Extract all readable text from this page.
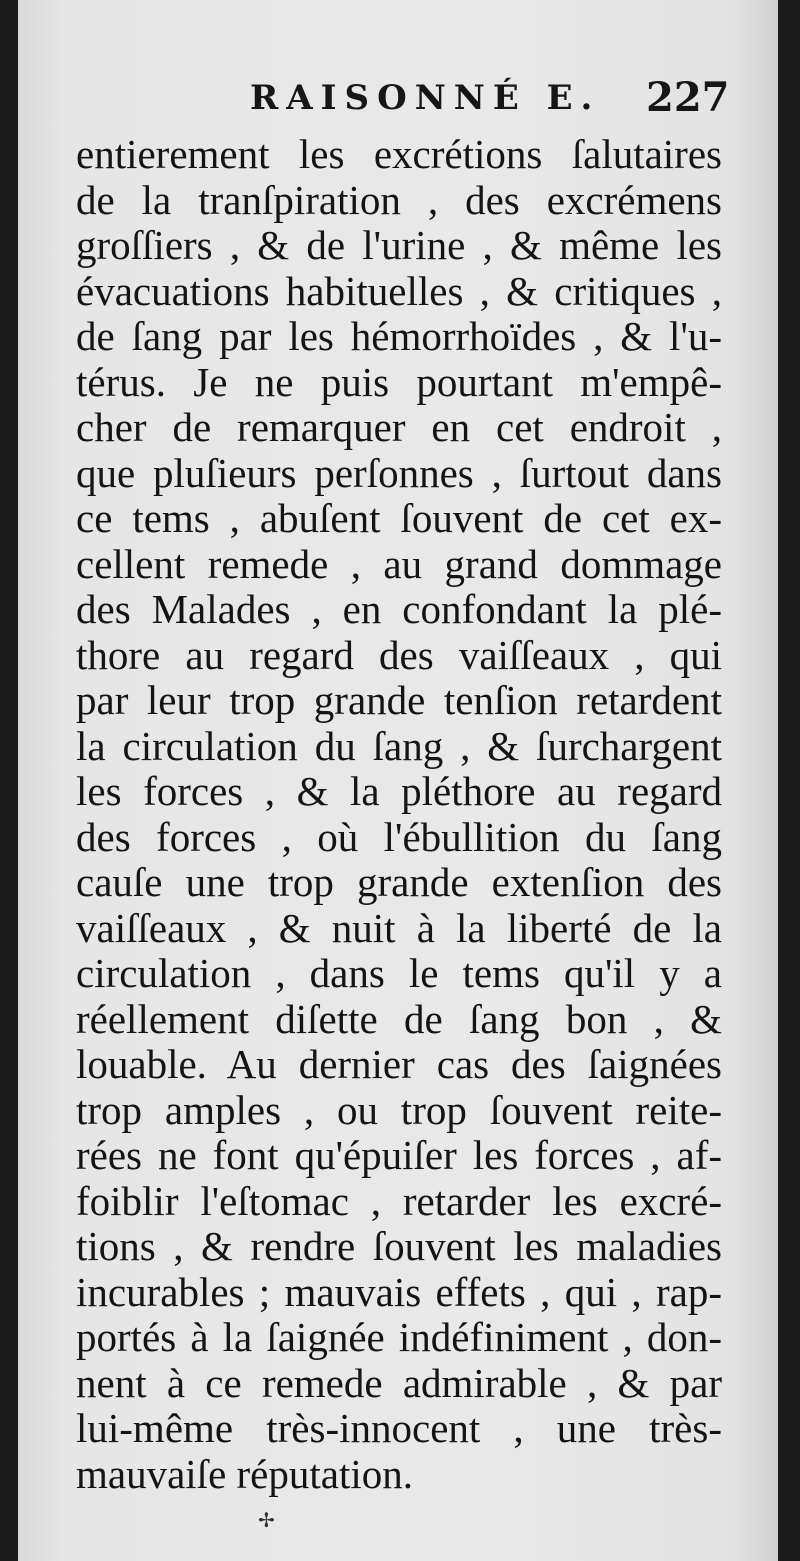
RAISONNÉ E. 227
entierement les excrétions ſalutaires
de la tranſpiration , des excrémens
groſſiers , & de l'urine , & même les
évacuations habituelles , & critiques ,
de ſang par les hémorrhoïdes , & l'u-
térus. Je ne puis pourtant m'empê-
cher de remarquer en cet endroit ,
que pluſieurs perſonnes , ſurtout dans
ce tems , abuſent ſouvent de cet ex-
cellent remede , au grand dommage
des Malades , en confondant la plé-
thore au regard des vaiſſeaux , qui
par leur trop grande tenſion retardent
la circulation du ſang , & ſurchargent
les forces , & la pléthore au regard
des forces , où l'ébullition du ſang
cauſe une trop grande extenſion des
vaiſſeaux , & nuit à la liberté de la
circulation , dans le tems qu'il y a
réellement diſette de ſang bon , &
louable. Au dernier cas des ſaignées
trop amples , ou trop ſouvent reite-
rées ne font qu'épuiſer les forces , af-
foiblir l'eſtomac , retarder les excré-
tions , & rendre ſouvent les maladies
incurables ; mauvais effets , qui , rap-
portés à la ſaignée indéfiniment , don-
nent à ce remede admirable , & par
lui-même très-innocent , une très-
mauvaiſe réputation.
✢
